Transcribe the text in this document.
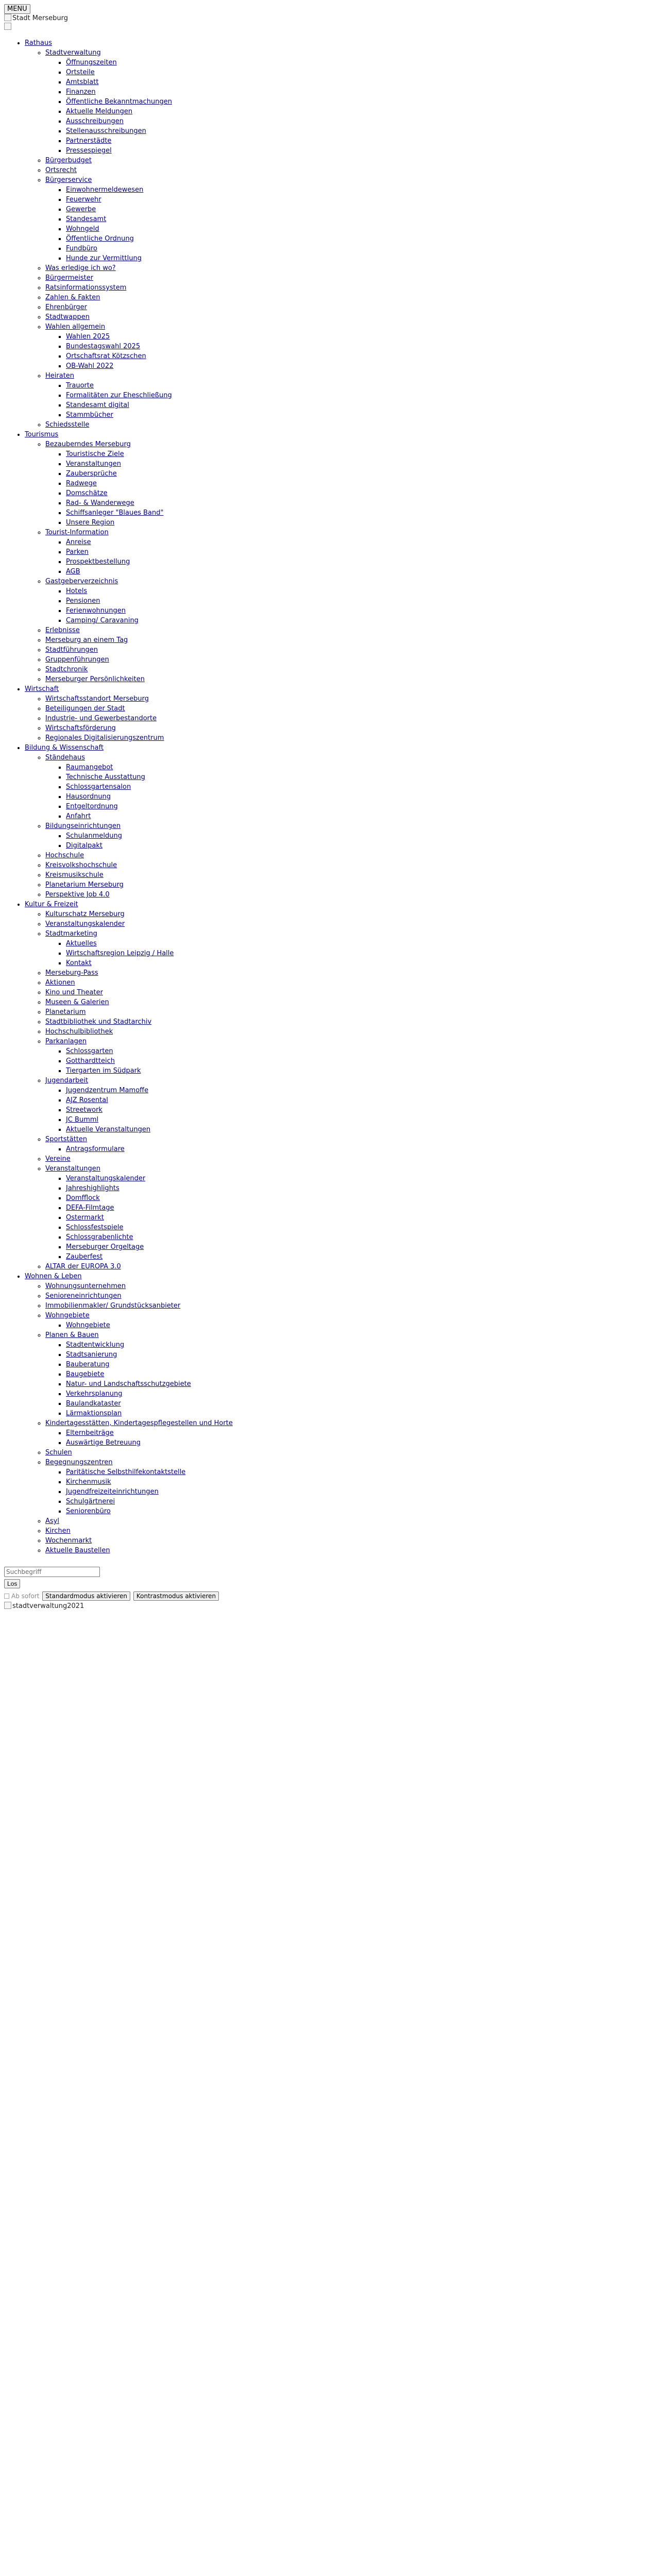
MENU
Stadt Merseburg
• Rathaus
◦ Stadtverwaltung
▪ Öffnungszeiten
▪ Ortsteile
▪ Amtsblatt
▪ Finanzen
▪ Öffentliche Bekanntmachungen
▪ Aktuelle Meldungen
▪ Ausschreibungen
▪ Stellenausschreibungen
▪ Partnerstädte
▪ Pressespiegel
◦ Bürgerbudget
◦ Ortsrecht
◦ Bürgerservice
▪ Einwohnermeldewesen
▪ Feuerwehr
▪ Gewerbe
▪ Standesamt
▪ Wohngeld
▪ Öffentliche Ordnung
▪ Fundbüro
▪ Hunde zur Vermittlung
◦ Was erledige ich wo?
◦ Bürgermeister
◦ Ratsinformationssystem
◦ Zahlen & Fakten
◦ Ehrenbürger
◦ Stadtwappen
◦ Wahlen allgemein
▪ Wahlen 2025
▪ Bundestagswahl 2025
▪ Ortschaftsrat Kötzschen
▪ OB-Wahl 2022
◦ Heiraten
▪ Trauorte
▪ Formalitäten zur Eheschließung
▪ Standesamt digital
▪ Stammbücher
◦ Schiedsstelle
• Tourismus
◦ Bezauberndes Merseburg
▪ Touristische Ziele
▪ Veranstaltungen
▪ Zaubersprüche
▪ Radwege
▪ Domschätze
▪ Rad- & Wanderwege
▪ Schiffsanleger "Blaues Band"
▪ Unsere Region
◦ Tourist-Information
▪ Anreise
▪ Parken
▪ Prospektbestellung
▪ AGB
◦ Gastgeberverzeichnis
▪ Hotels
▪ Pensionen
▪ Ferienwohnungen
▪ Camping/ Caravaning
◦ Erlebnisse
◦ Merseburg an einem Tag
◦ Stadtführungen
◦ Gruppenführungen
◦ Stadtchronik
◦ Merseburger Persönlichkeiten
• Wirtschaft
◦ Wirtschaftsstandort Merseburg
◦ Beteiligungen der Stadt
◦ Industrie- und Gewerbestandorte
◦ Wirtschaftsförderung
◦ Regionales Digitalisierungszentrum
• Bildung & Wissenschaft
◦ Ständehaus
▪ Raumangebot
▪ Technische Ausstattung
▪ Schlossgartensalon
▪ Hausordnung
▪ Entgeltordnung
▪ Anfahrt
◦ Bildungseinrichtungen
▪ Schulanmeldung
▪ Digitalpakt
◦ Hochschule
◦ Kreisvolkshochschule
◦ Kreismusikschule
◦ Planetarium Merseburg
◦ Perspektive Job 4.0
• Kultur & Freizeit
◦ Kulturschatz Merseburg
◦ Veranstaltungskalender
◦ Stadtmarketing
▪ Aktuelles
▪ Wirtschaftsregion Leipzig / Halle
▪ Kontakt
◦ Merseburg-Pass
◦ Aktionen
◦ Kino und Theater
◦ Museen & Galerien
◦ Planetarium
◦ Stadtbibliothek und Stadtarchiv
◦ Hochschulbibliothek
◦ Parkanlagen
▪ Schlossgarten
▪ Gotthardtteich
▪ Tiergarten im Südpark
◦ Jugendarbeit
▪ Jugendzentrum Mamoffe
▪ AJZ Rosental
▪ Streetwork
▪ JC Bumml
▪ Aktuelle Veranstaltungen
◦ Sportstätten
▪ Antragsformulare
◦ Vereine
◦ Veranstaltungen
▪ Veranstaltungskalender
▪ Jahreshighlights
▪ Domfflock
▪ DEFA-Filmtage
▪ Ostermarkt
▪ Schlossfestspiele
▪ Schlossgrabenlichte
▪ Merseburger Orgeltage
▪ Zauberfest
◦ ALTAR der EUROPA 3.0
• Wohnen & Leben
◦ Wohnungsunternehmen
◦ Senioreneinrichtungen
◦ Immobilienmakler/ Grundstücksanbieter
◦ Wohngebiete
▪ Wohngebiete
◦ Planen & Bauen
▪ Stadtentwicklung
▪ Stadtsanierung
▪ Bauberatung
▪ Baugebiete
▪ Natur- und Landschaftsschutzgebiete
▪ Verkehrsplanung
▪ Baulandkataster
▪ Lärmaktionsplan
◦ Kindertagesstätten, Kindertagespflegestellen und Horte
▪ Elternbeiträge
▪ Auswärtige Betreuung
◦ Schulen
◦ Begegnungszentren
▪ Paritätische Selbsthilfekontaktstelle
▪ Kirchenmusik
▪ Jugendfreizeiteinrichtungen
▪ Schulgärtnerei
▪ Seniorenbüro
◦ Asyl
◦ Kirchen
◦ Wochenmarkt
◦ Aktuelle Baustellen
Suchbegriff
Los
Ab sofort Standardmodus aktivieren Kontrastmodus aktivieren
stadtverwaltung2021
